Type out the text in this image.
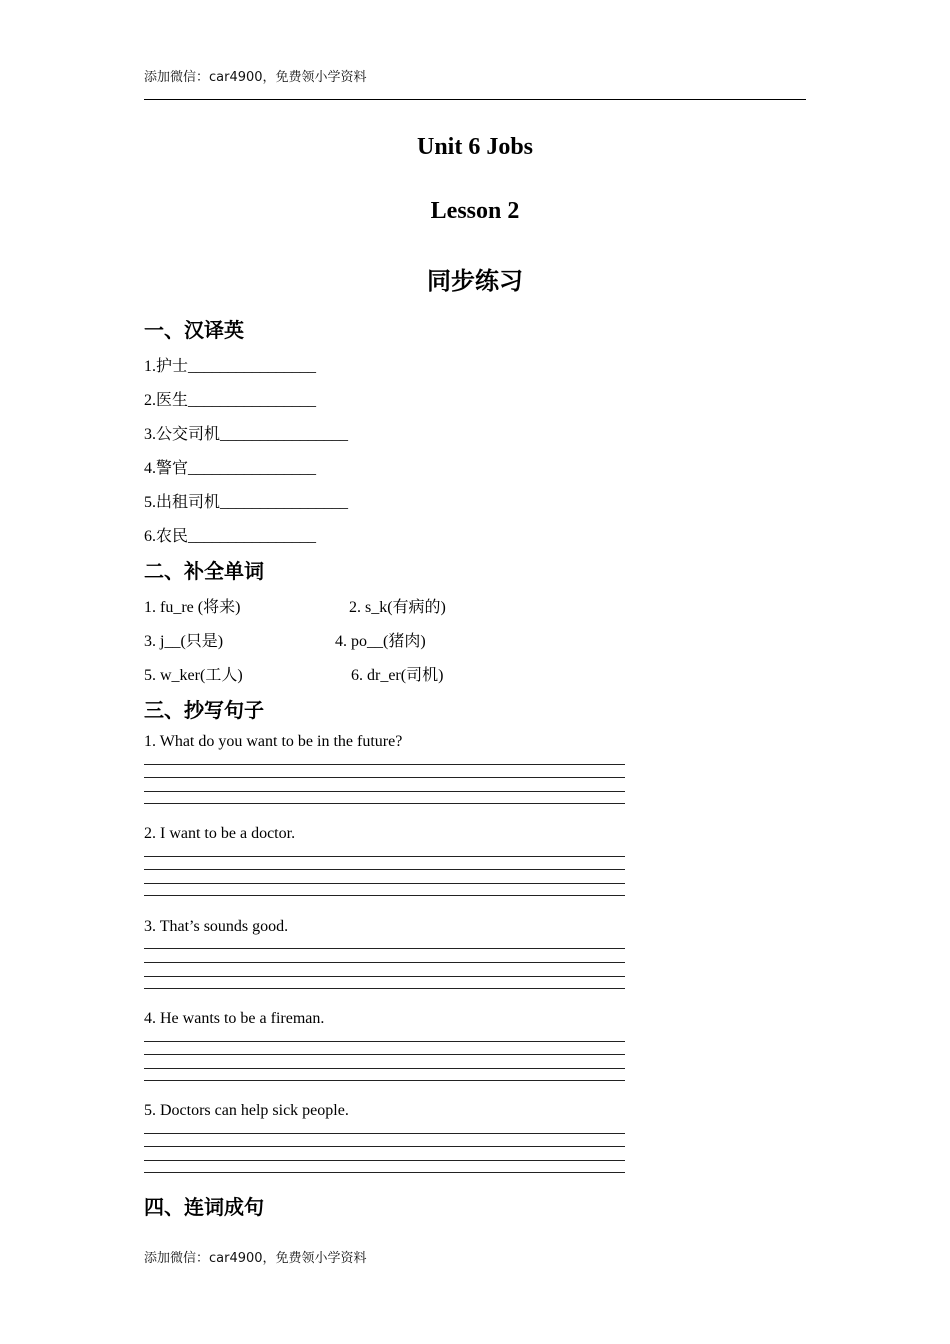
添加微信：car4900，免费领小学资料
Unit 6 Jobs
Lesson 2
同步练习
一、汉译英
1.护士________________
2.医生________________
3.公交司机________________
4.警官________________
5.出租司机________________
6.农民________________
二、补全单词
1. fu_re (将来)	2. s_k(有病的)
3. j__(只是)	4. po__(猪肉)
5. w_ker(工人)	6. dr_er(司机)
三、抄写句子
1. What do you want to be in the future?
2. I want to be a doctor.
3. That’s sounds good.
4. He wants to be a fireman.
5. Doctors can help sick people.
四、连词成句
添加微信：car4900，免费领小学资料
